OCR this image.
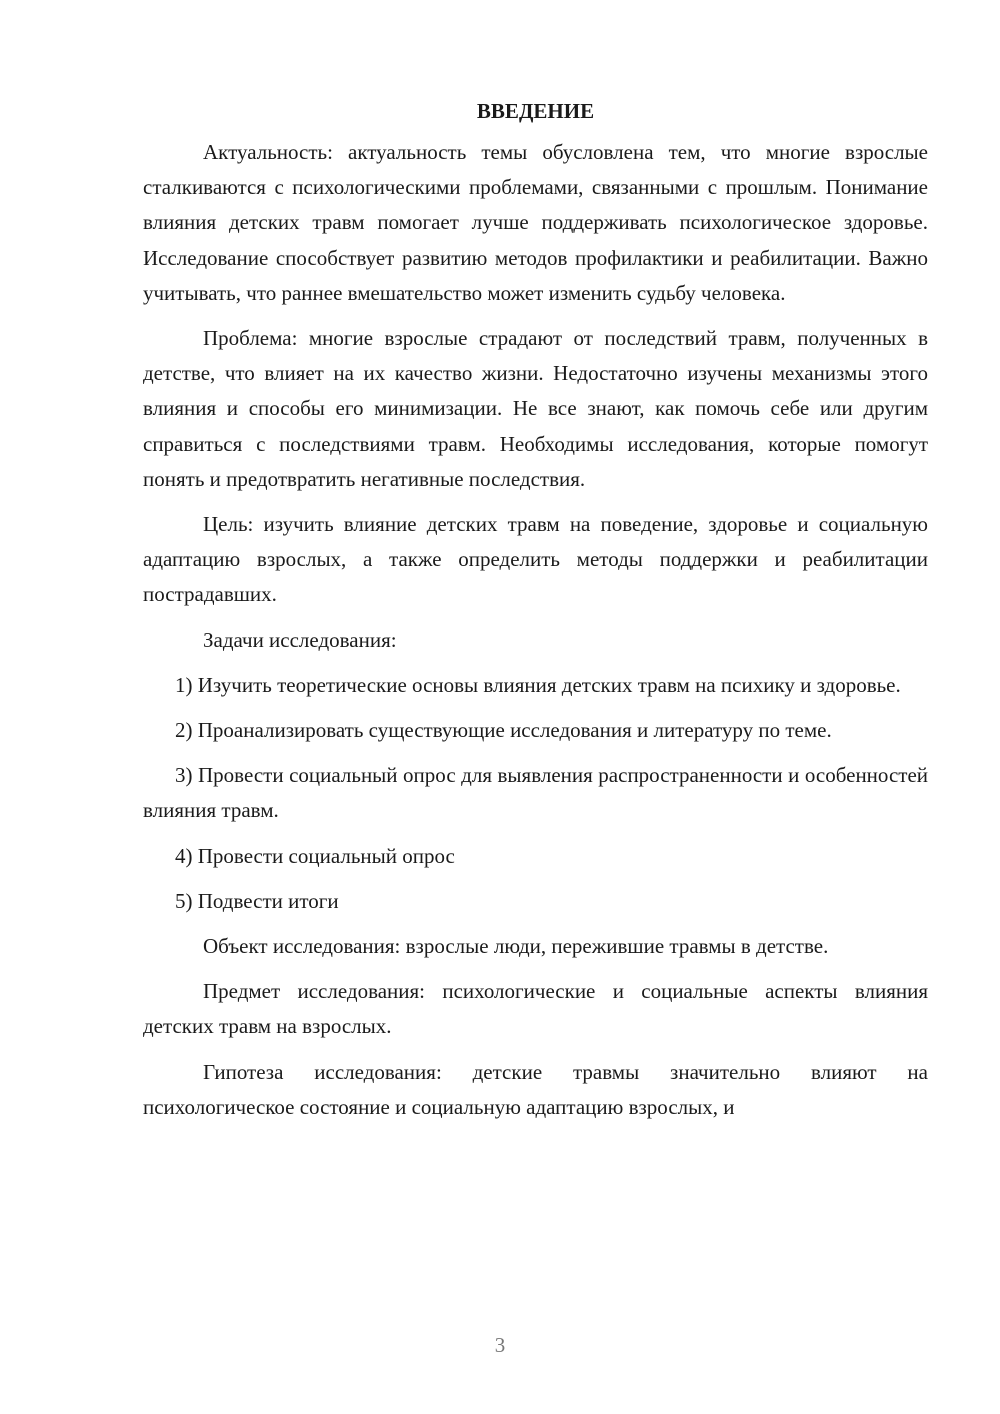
ВВЕДЕНИЕ

Актуальность: актуальность темы обусловлена тем, что многие взрослые сталкиваются с психологическими проблемами, связанными с прошлым. Понимание влияния детских травм помогает лучше поддерживать психологическое здоровье. Исследование способствует развитию методов профилактики и реабилитации. Важно учитывать, что раннее вмешательство может изменить судьбу человека.

Проблема: многие взрослые страдают от последствий травм, полученных в детстве, что влияет на их качество жизни. Недостаточно изучены механизмы этого влияния и способы его минимизации. Не все знают, как помочь себе или другим справиться с последствиями травм. Необходимы исследования, которые помогут понять и предотвратить негативные последствия.

Цель: изучить влияние детских травм на поведение, здоровье и социальную адаптацию взрослых, а также определить методы поддержки и реабилитации пострадавших.

Задачи исследования:

1) Изучить теоретические основы влияния детских травм на психику и здоровье.

2) Проанализировать существующие исследования и литературу по теме.

3) Провести социальный опрос для выявления распространенности и особенностей влияния травм.

4) Провести социальный опрос

5) Подвести итоги

Объект исследования: взрослые люди, пережившие травмы в детстве.

Предмет исследования: психологические и социальные аспекты влияния детских травм на взрослых.

Гипотеза исследования: детские травмы значительно влияют на психологическое состояние и социальную адаптацию взрослых, и

3
